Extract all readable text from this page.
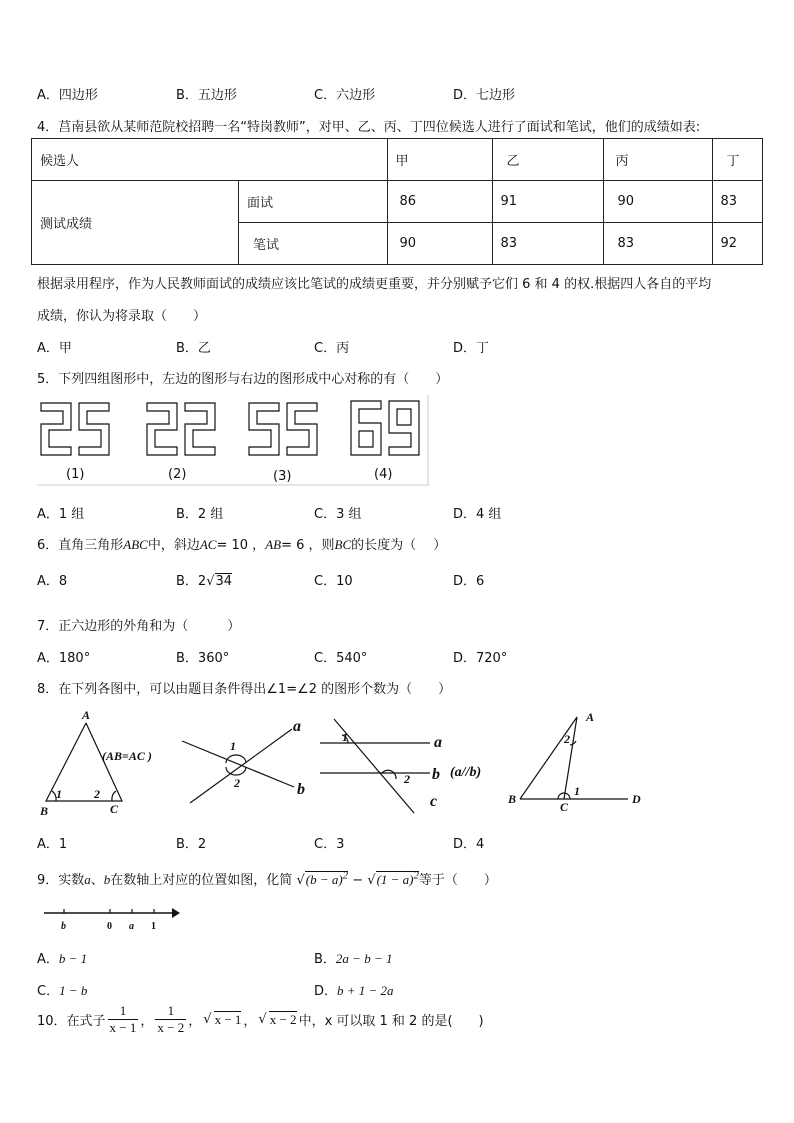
A．四边形	B．五边形	C．六边形	D．七边形
4．莒南县欲从某师范院校招聘一名“特岗教师”，对甲、乙、丙、丁四位候选人进行了面试和笔试，他们的成绩如表:
候选人		甲	乙	丙	丁
测试成绩	面试	86	91	90	83
	笔试	90	83	83	92
根据录用程序，作为人民教师面试的成绩应该比笔试的成绩更重要，并分别赋予它们 6 和 4 的权.根据四人各自的平均
成绩，你认为将录取（　　）
A．甲	B．乙	C．丙	D．丁
5．下列四组图形中，左边的图形与右边的图形成中心对称的有（　　）
(1)	(2)	(3)	(4)
A．1 组	B．2 组	C．3 组	D．4 组
6．直角三角形ABC中，斜边AC= 10 ，AB= 6 ，则BC的长度为（　 ）
A．8	B．2√34	C．10	D．6
7．正六边形的外角和为（　　　）
A．180°	B．360°	C．540°	D．720°
8．在下列各图中，可以由题目条件得出∠1=∠2 的图形个数为（　　）
A
B	C
1	2
(AB=AC )
a
b
1
2
1
2
a
b
c
(a//b)
A
B
C
D
1
2
A．1	B．2	C．3	D．4
9．实数a、b在数轴上对应的位置如图，化简 $√(b - a)^2 - √(1 - a)^2$等于（　　）
b	0 a 1
A．b − 1	B．2a − b − 1
C．1 − b	D．b + 1 − 2a
10．在式子 $\frac{1}{x - 1}$ ， $\frac{1}{x - 2}$ ， √ x − 1 ， √ x − 2 中，x 可以取 1 和 2 的是(　　)
